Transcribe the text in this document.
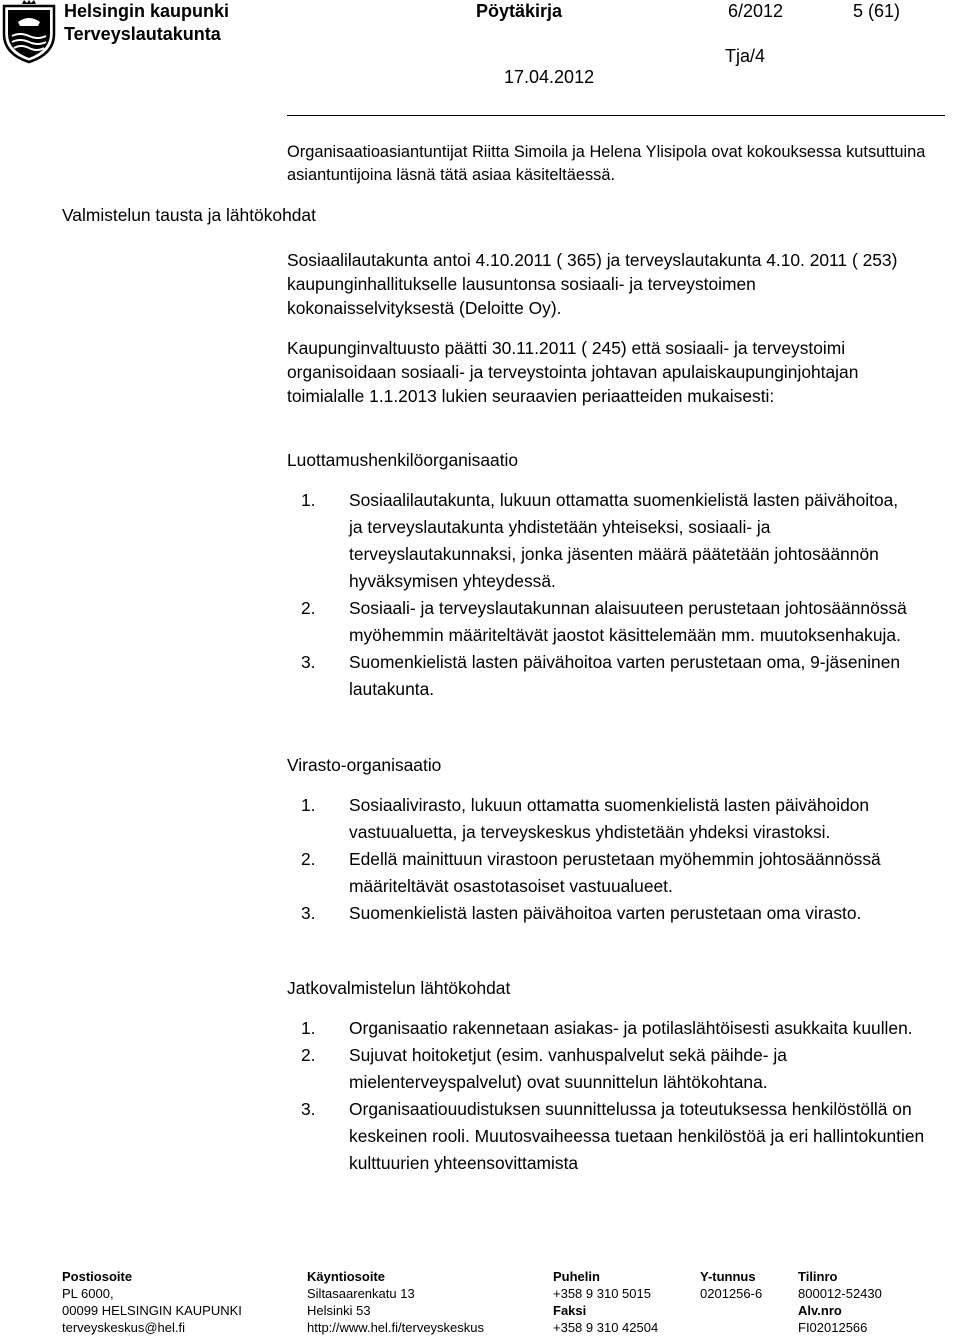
Helsingin kaupunki
Terveyslautakunta
Pöytäkirja	6/2012	5 (61)
Tja/4
17.04.2012
Valmistelun tausta ja lähtökohdat
Organisaatioasiantuntijat Riitta Simoila ja Helena Ylisipola ovat kokouksessa kutsuttuina asiantuntijoina läsnä tätä asiaa käsiteltäessä.
Sosiaalilautakunta antoi 4.10.2011 ( 365) ja terveyslautakunta 4.10. 2011 ( 253) kaupunginhallitukselle lausuntonsa sosiaali- ja terveystoimen kokonaisselvityksestä (Deloitte Oy).
Kaupunginvaltuusto päätti 30.11.2011 ( 245) että sosiaali- ja terveystoimi organisoidaan sosiaali- ja terveystointa johtavan apulaiskaupunginjohtajan toimialalle 1.1.2013 lukien seuraavien periaatteiden mukaisesti:
Luottamushenkilöorganisaatio
1. Sosiaalilautakunta, lukuun ottamatta suomenkielistä lasten päivähoitoa, ja terveyslautakunta yhdistetään yhteiseksi, sosiaali- ja terveyslautakunnaksi, jonka jäsenten määrä päätetään johtosäännön hyväksymisen yhteydessä.
2. Sosiaali- ja terveyslautakunnan alaisuuteen perustetaan johtosäännössä myöhemmin määriteltävät jaostot käsittelemään mm. muutoksenhakuja.
3. Suomenkielistä lasten päivähoitoa varten perustetaan oma, 9-jäseninen lautakunta.
Virasto-organisaatio
1. Sosiaalivirasto, lukuun ottamatta suomenkielistä lasten päivähoidon vastuualuetta, ja terveyskeskus yhdistetään yhdeksi virastoksi.
2. Edellä mainittuun virastoon perustetaan myöhemmin johtosäännössä määriteltävät osastotasoiset vastuualueet.
3. Suomenkielistä lasten päivähoitoa varten perustetaan oma virasto.
Jatkovalmistelun lähtökohdat
1. Organisaatio rakennetaan asiakas- ja potilaslähtöisesti asukkaita kuullen.
2. Sujuvat hoitoketjut (esim. vanhuspalvelut sekä päihde- ja mielenterveyspalvelut) ovat suunnittelun lähtökohtana.
3. Organisaatiouudistuksen suunnittelussa ja toteutuksessa henkilöstöllä on keskeinen rooli. Muutosvaiheessa tuetaan henkilöstöä ja eri hallintokuntien kulttuurien yhteensovittamista
Postiosoite
PL 6000,
00099 HELSINGIN KAUPUNKI
terveyskeskus@hel.fi
Käyntiosoite
Siltasaarenkatu 13
Helsinki 53
http://www.hel.fi/terveyskeskus
Puhelin
+358 9 310 5015
Faksi
+358 9 310 42504
Y-tunnus
0201256-6
Tilinro
800012-52430
Alv.nro
FI02012566
